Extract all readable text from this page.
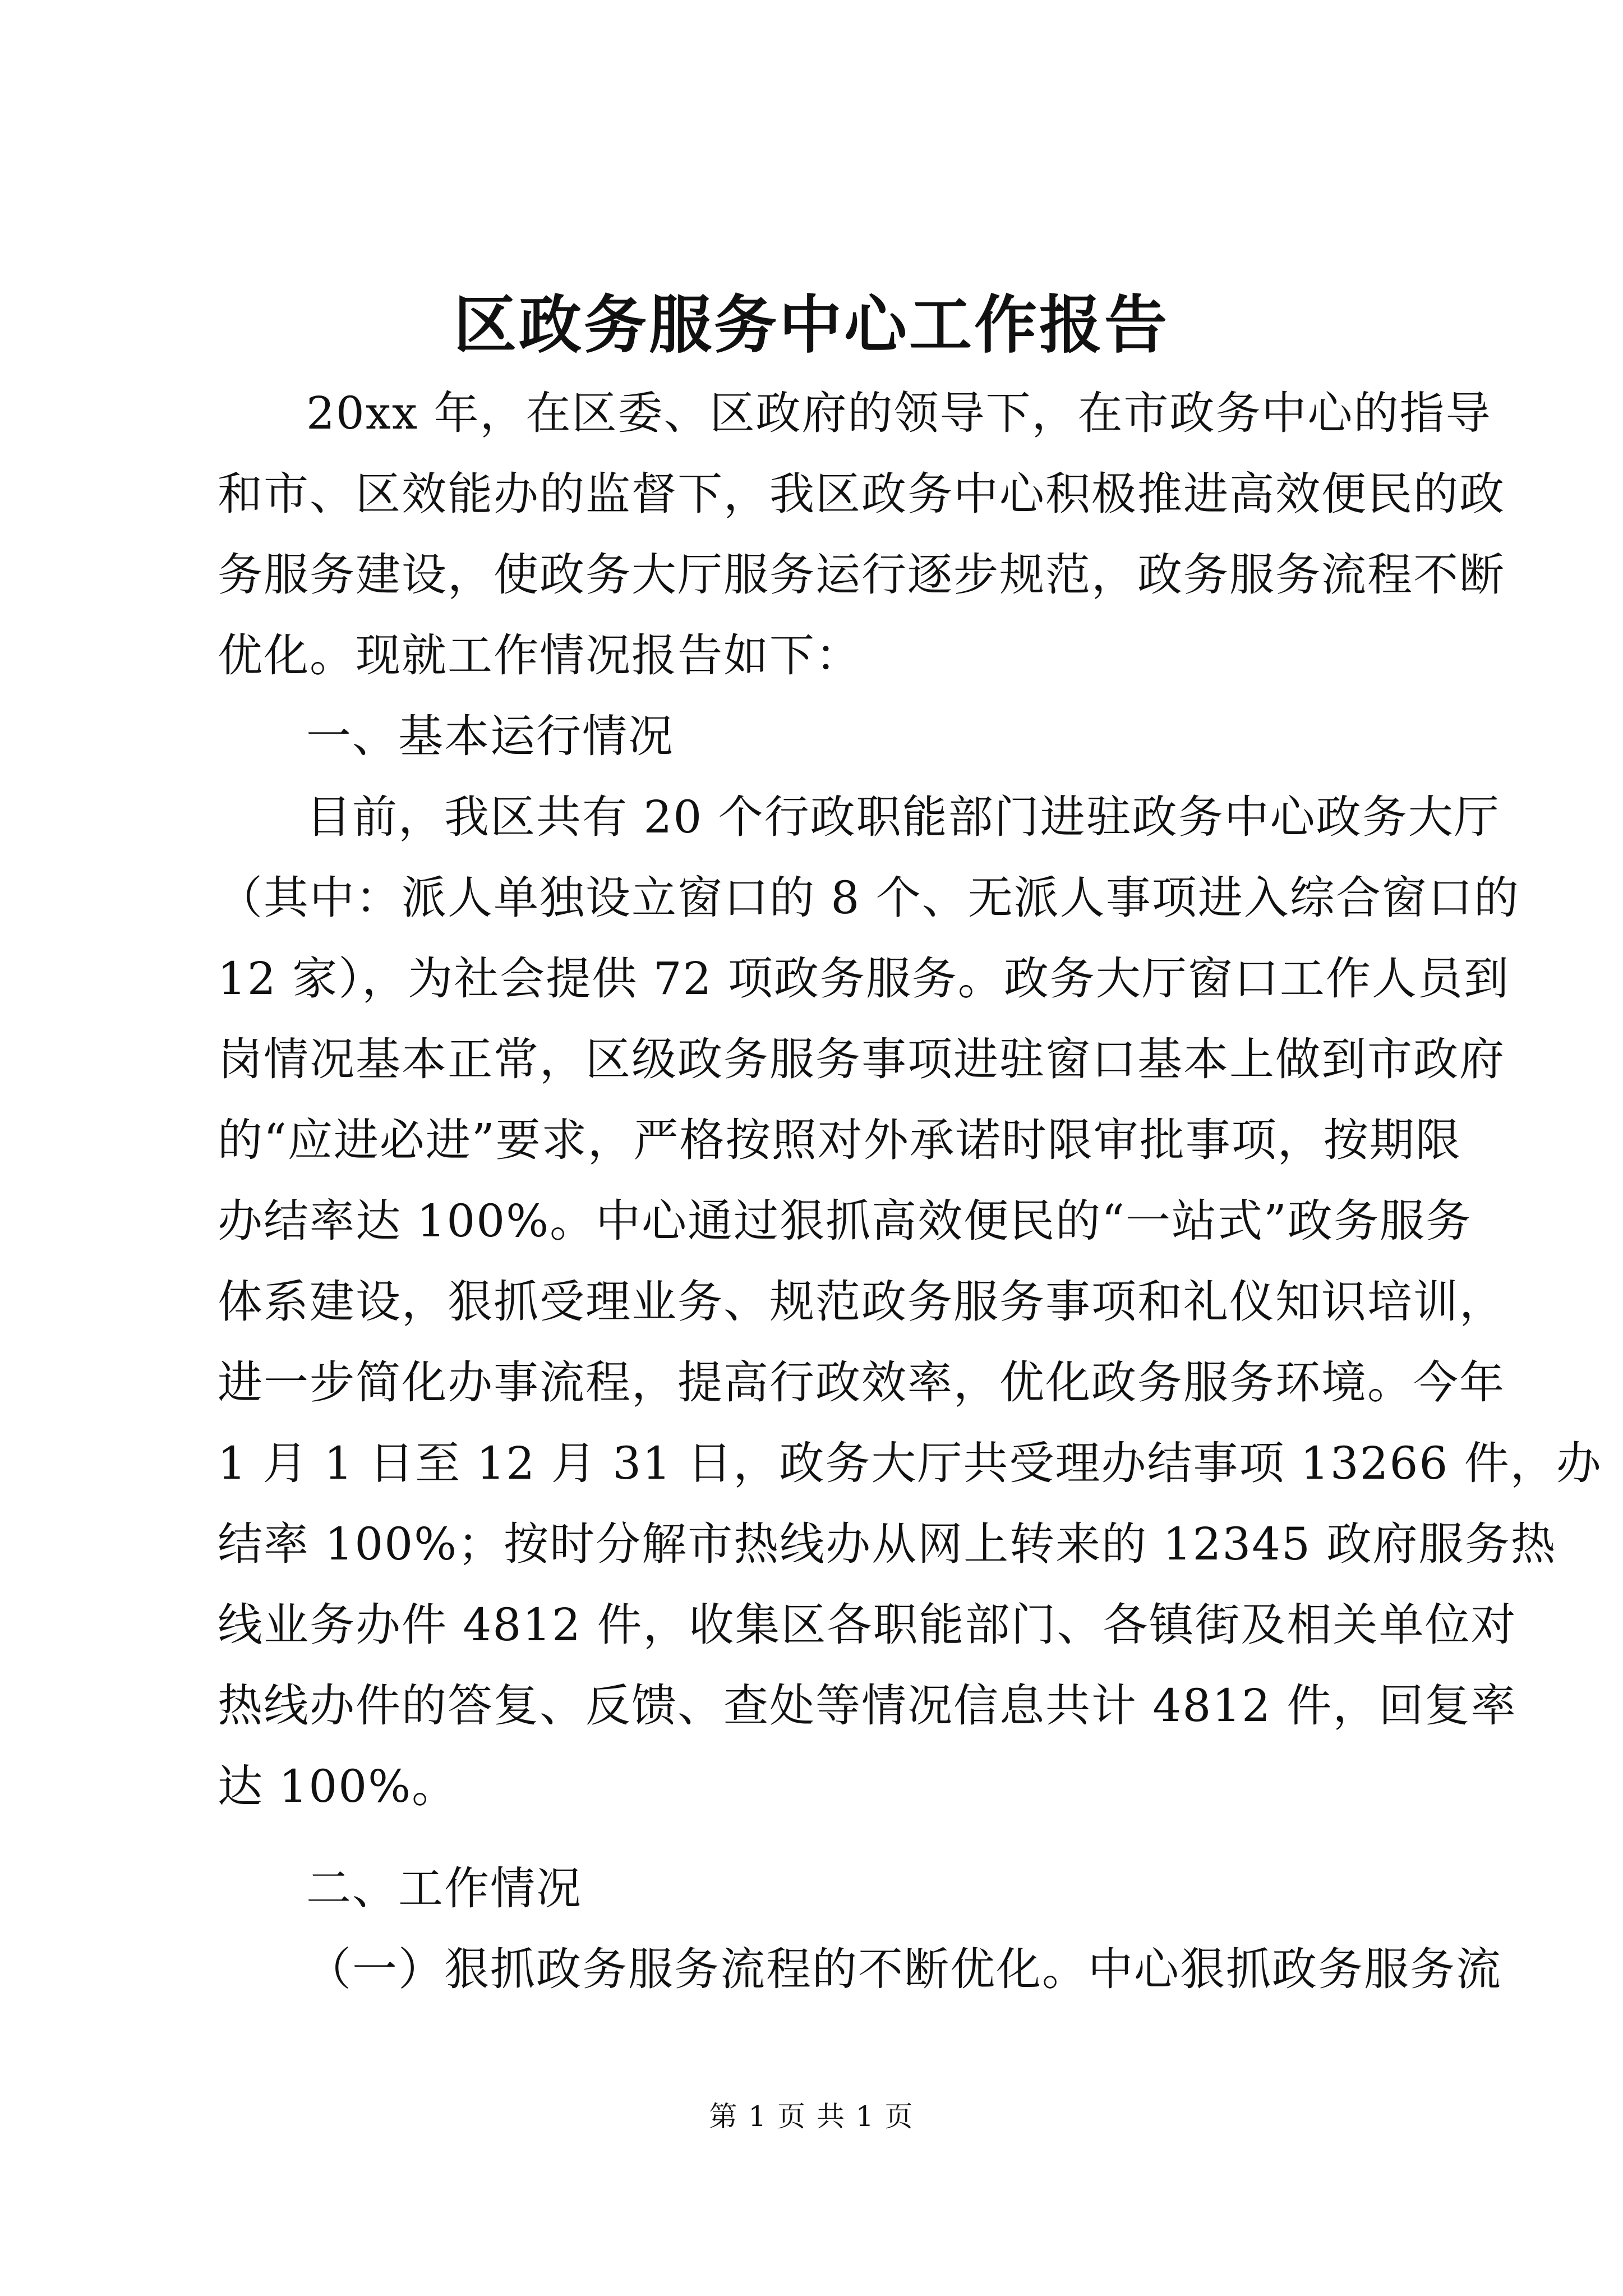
区政务服务中心工作报告
20xx 年，在区委、区政府的领导下，在市政务中心的指导
和市、区效能办的监督下，我区政务中心积极推进高效便民的政
务服务建设，使政务大厅服务运行逐步规范，政务服务流程不断
优化。现就工作情况报告如下：
一、基本运行情况
目前，我区共有 20 个行政职能部门进驻政务中心政务大厅
（其中：派人单独设立窗口的 8 个、无派人事项进入综合窗口的
12 家），为社会提供 72 项政务服务。政务大厅窗口工作人员到
岗情况基本正常，区级政务服务事项进驻窗口基本上做到市政府
的“应进必进”要求，严格按照对外承诺时限审批事项，按期限
办结率达 100%。中心通过狠抓高效便民的“一站式”政务服务
体系建设，狠抓受理业务、规范政务服务事项和礼仪知识培训，
进一步简化办事流程，提高行政效率，优化政务服务环境。今年
1 月 1 日至 12 月 31 日，政务大厅共受理办结事项 13266 件，办
结率 100%；按时分解市热线办从网上转来的 12345 政府服务热
线业务办件 4812 件，收集区各职能部门、各镇街及相关单位对
热线办件的答复、反馈、查处等情况信息共计 4812 件，回复率
达 100%。
二、工作情况
（一）狠抓政务服务流程的不断优化。中心狠抓政务服务流
第 1 页 共 1 页
